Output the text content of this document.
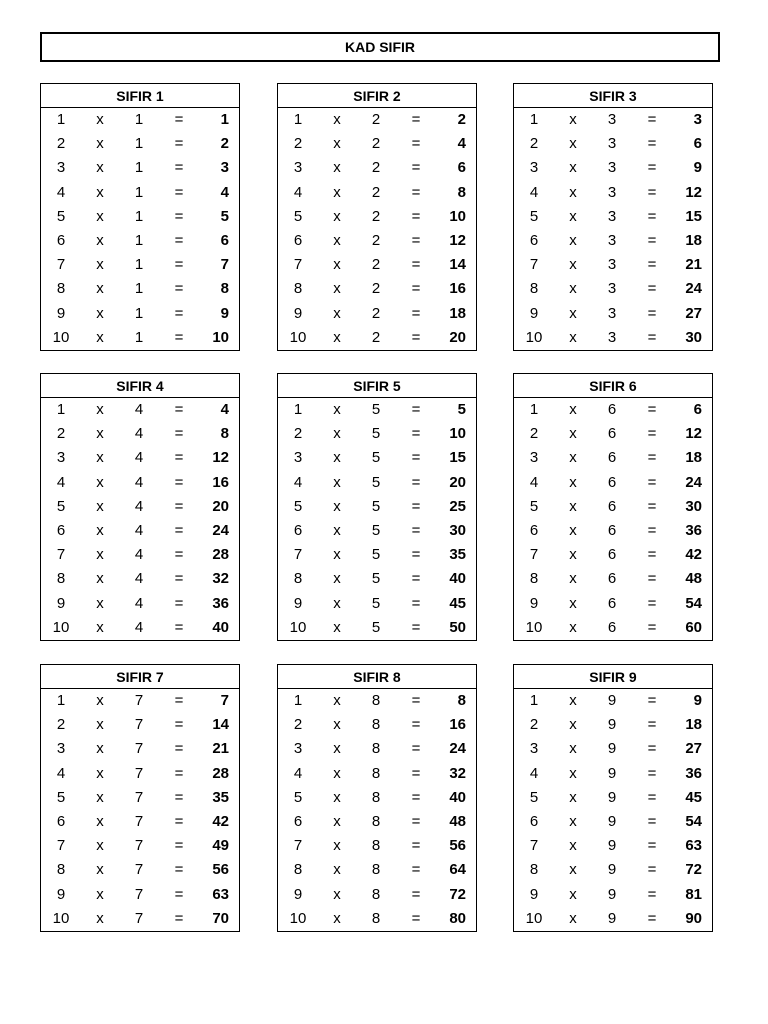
KAD SIFIR
SIFIR 1
1	x 1 =	1
2	x 1 =	2
3	x 1 =	3
4	x 1 =	4
5	x 1 =	5
6	x 1 =	6
7	x 1 =	7
8	x 1 =	8
9	x 1 =	9
10 x 1 =	10
SIFIR 2
1	x 2 =	2
2	x 2 =	4
3	x 2 =	6
4	x 2 =	8
5	x 2 =	10
6	x 2 =	12
7	x 2 =	14
8	x 2 =	16
9	x 2 =	18
10 x 2 =	20
SIFIR 3
1	x 3 =	3
2	x 3 =	6
3	x 3 =	9
4	x 3 =	12
5	x 3 =	15
6	x 3 =	18
7	x 3 =	21
8	x 3 =	24
9	x 3 =	27
10 x 3 =	30
SIFIR 4
1	x 4 =	4
2	x 4 =	8
3	x 4 =	12
4	x 4 =	16
5	x 4 =	20
6	x 4 =	24
7	x 4 =	28
8	x 4 =	32
9	x 4 =	36
10 x 4 =	40
SIFIR 5
1	x 5 =	5
2	x 5 =	10
3	x 5 =	15
4	x 5 =	20
5	x 5 =	25
6	x 5 =	30
7	x 5 =	35
8	x 5 =	40
9	x 5 =	45
10 x 5 =	50
SIFIR 6
1	x 6 =	6
2	x 6 =	12
3	x 6 =	18
4	x 6 =	24
5	x 6 =	30
6	x 6 =	36
7	x 6 =	42
8	x 6 =	48
9	x 6 =	54
10 x 6 =	60
SIFIR 7
1	x 7 =	7
2	x 7 =	14
3	x 7 =	21
4	x 7 =	28
5	x 7 =	35
6	x 7 =	42
7	x 7 =	49
8	x 7 =	56
9	x 7 =	63
10 x 7 =	70
SIFIR 8
1	x 8 =	8
2	x 8 =	16
3	x 8 =	24
4	x 8 =	32
5	x 8 =	40
6	x 8 =	48
7	x 8 =	56
8	x 8 =	64
9	x 8 =	72
10 x 8 =	80
SIFIR 9
1	x 9 =	9
2	x 9 =	18
3	x 9 =	27
4	x 9 =	36
5	x 9 =	45
6	x 9 =	54
7	x 9 =	63
8	x 9 =	72
9	x 9 =	81
10 x 9 =	90
